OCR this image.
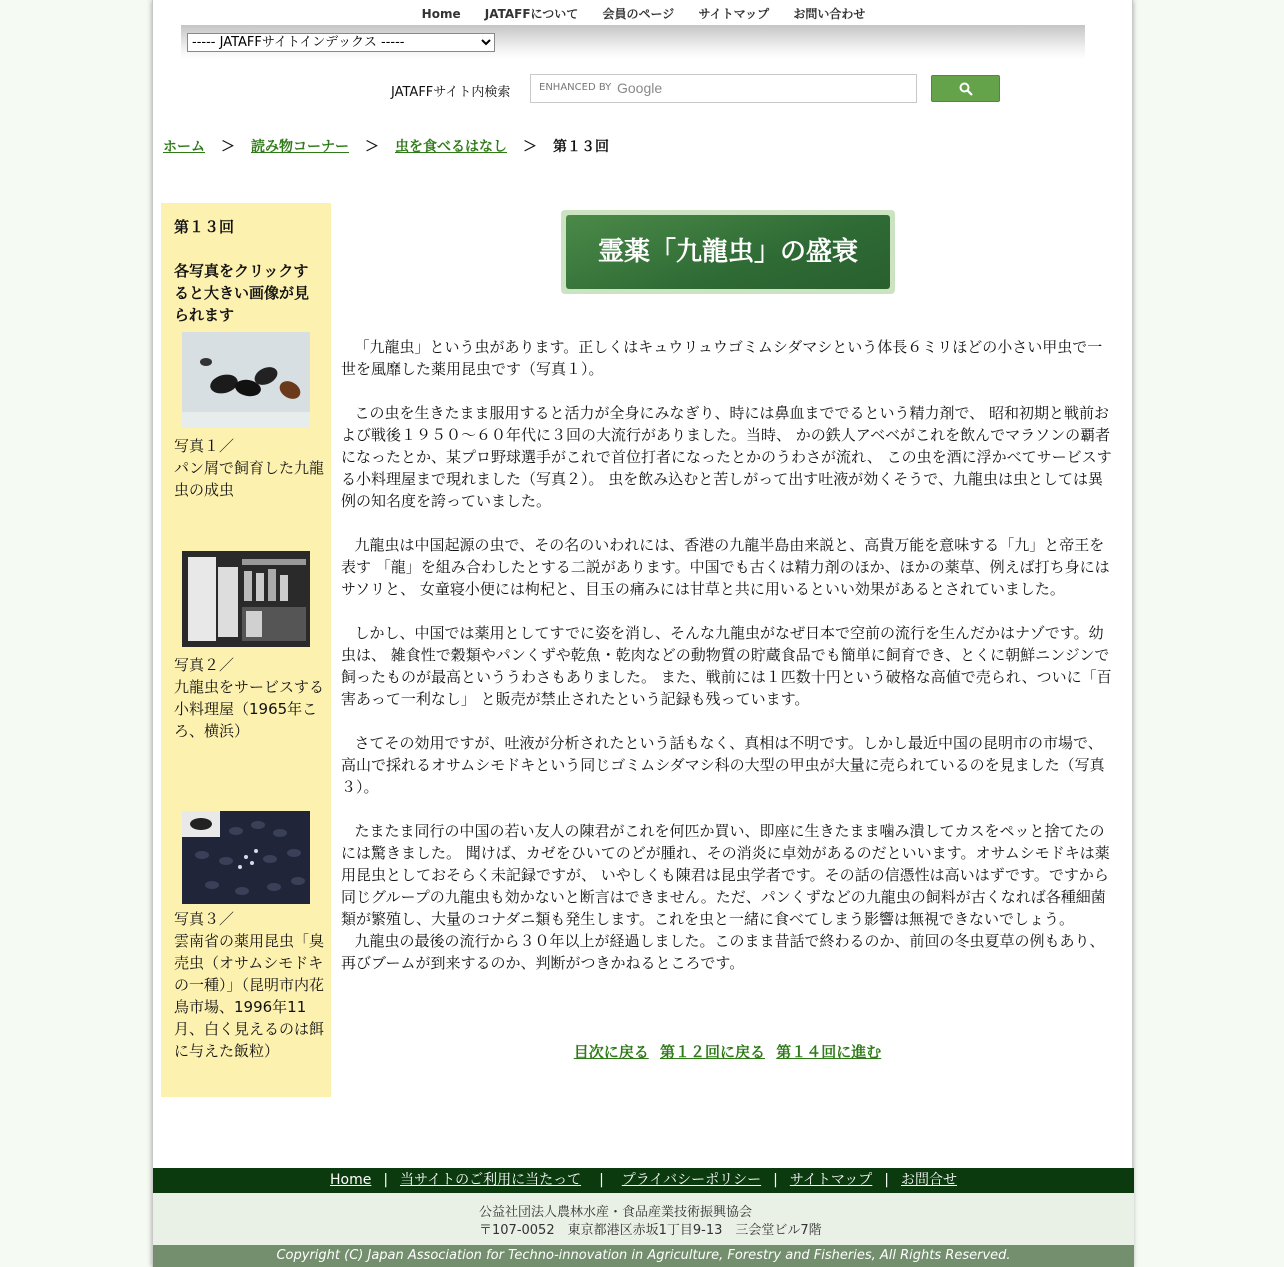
Home JATAFFについて 会員のページ サイトマップ お問い合わせ
----- JATAFFサイトインデックス -----
JATAFFサイト内検索	ENHANCED BY Google
ホーム ＞ 読み物コーナー ＞ 虫を食べるはなし ＞ 第１３回
第１３回
各写真をクリックすると大きい画像が見られます
写真１／
パン屑で飼育した九龍虫の成虫
写真２／
九龍虫をサービスする小料理屋（1965年ころ、横浜）
写真３／
雲南省の薬用昆虫「臭売虫（オサムシモドキの一種）」（昆明市内花鳥市場、1996年11月、白く見えるのは餌に与えた飯粒）
霊薬「九龍虫」の盛衰

「九龍虫」という虫があります。正しくはキュウリュウゴミムシダマシという体長６ミリほどの小さい甲虫で一世を風靡した薬用昆虫です（写真１）。

この虫を生きたまま服用すると活力が全身にみなぎり、時には鼻血まででるという精力剤で、 昭和初期と戦前および戦後１９５０～６０年代に３回の大流行がありました。当時、 かの鉄人アベベがこれを飲んでマラソンの覇者になったとか、某プロ野球選手がこれで首位打者になったとかのうわさが流れ、 この虫を酒に浮かべてサービスする小料理屋まで現れました（写真２）。 虫を飲み込むと苦しがって出す吐液が効くそうで、九龍虫は虫としては異例の知名度を誇っていました。

九龍虫は中国起源の虫で、その名のいわれには、香港の九龍半島由来説と、高貴万能を意味する「九」と帝王を表す 「龍」を組み合わしたとする二説があります。中国でも古くは精力剤のほか、ほかの薬草、例えば打ち身にはサソリと、 女童寝小便には枸杞と、目玉の痛みには甘草と共に用いるといい効果があるとされていました。

しかし、中国では薬用としてすでに姿を消し、そんな九龍虫がなぜ日本で空前の流行を生んだかはナゾです。幼虫は、 雑食性で穀類やパンくずや乾魚・乾肉などの動物質の貯蔵食品でも簡単に飼育でき、とくに朝鮮ニンジンで飼ったものが最高といううわさもありました。 また、戦前には１匹数十円という破格な高値で売られ、ついに「百害あって一利なし」 と販売が禁止されたという記録も残っています。

さてその効用ですが、吐液が分析されたという話もなく、真相は不明です。しかし最近中国の昆明市の市場で、 高山で採れるオサムシモドキという同じゴミムシダマシ科の大型の甲虫が大量に売られているのを見ました（写真３）。

たまたま同行の中国の若い友人の陳君がこれを何匹か買い、即座に生きたまま噛み潰してカスをペッと捨てたのには驚きました。 聞けば、カゼをひいてのどが腫れ、その消炎に卓効があるのだといいます。オサムシモドキは薬用昆虫としておそらく未記録ですが、 いやしくも陳君は昆虫学者です。その話の信憑性は高いはずです。ですから同じグループの九龍虫も効かないと断言はできません。ただ、パンくずなどの九龍虫の飼料が古くなれば各種細菌類が繁殖し、大量のコナダニ類も発生します。これを虫と一緒に食べてしまう影響は無視できないでしょう。

九龍虫の最後の流行から３０年以上が経過しました。このまま昔話で終わるのか、前回の冬虫夏草の例もあり、 再びブームが到来するのか、判断がつきかねるところです。

目次に戻る 第１２回に戻る 第１４回に進む
Home | 当サイトのご利用に当たって | プライバシーポリシー | サイトマップ | お問合せ
公益社団法人農林水産・食品産業技術振興協会
〒107-0052　東京都港区赤坂1丁目9-13　三会堂ビル7階
Copyright (C) Japan Association for Techno-innovation in Agriculture, Forestry and Fisheries, All Rights Reserved.
